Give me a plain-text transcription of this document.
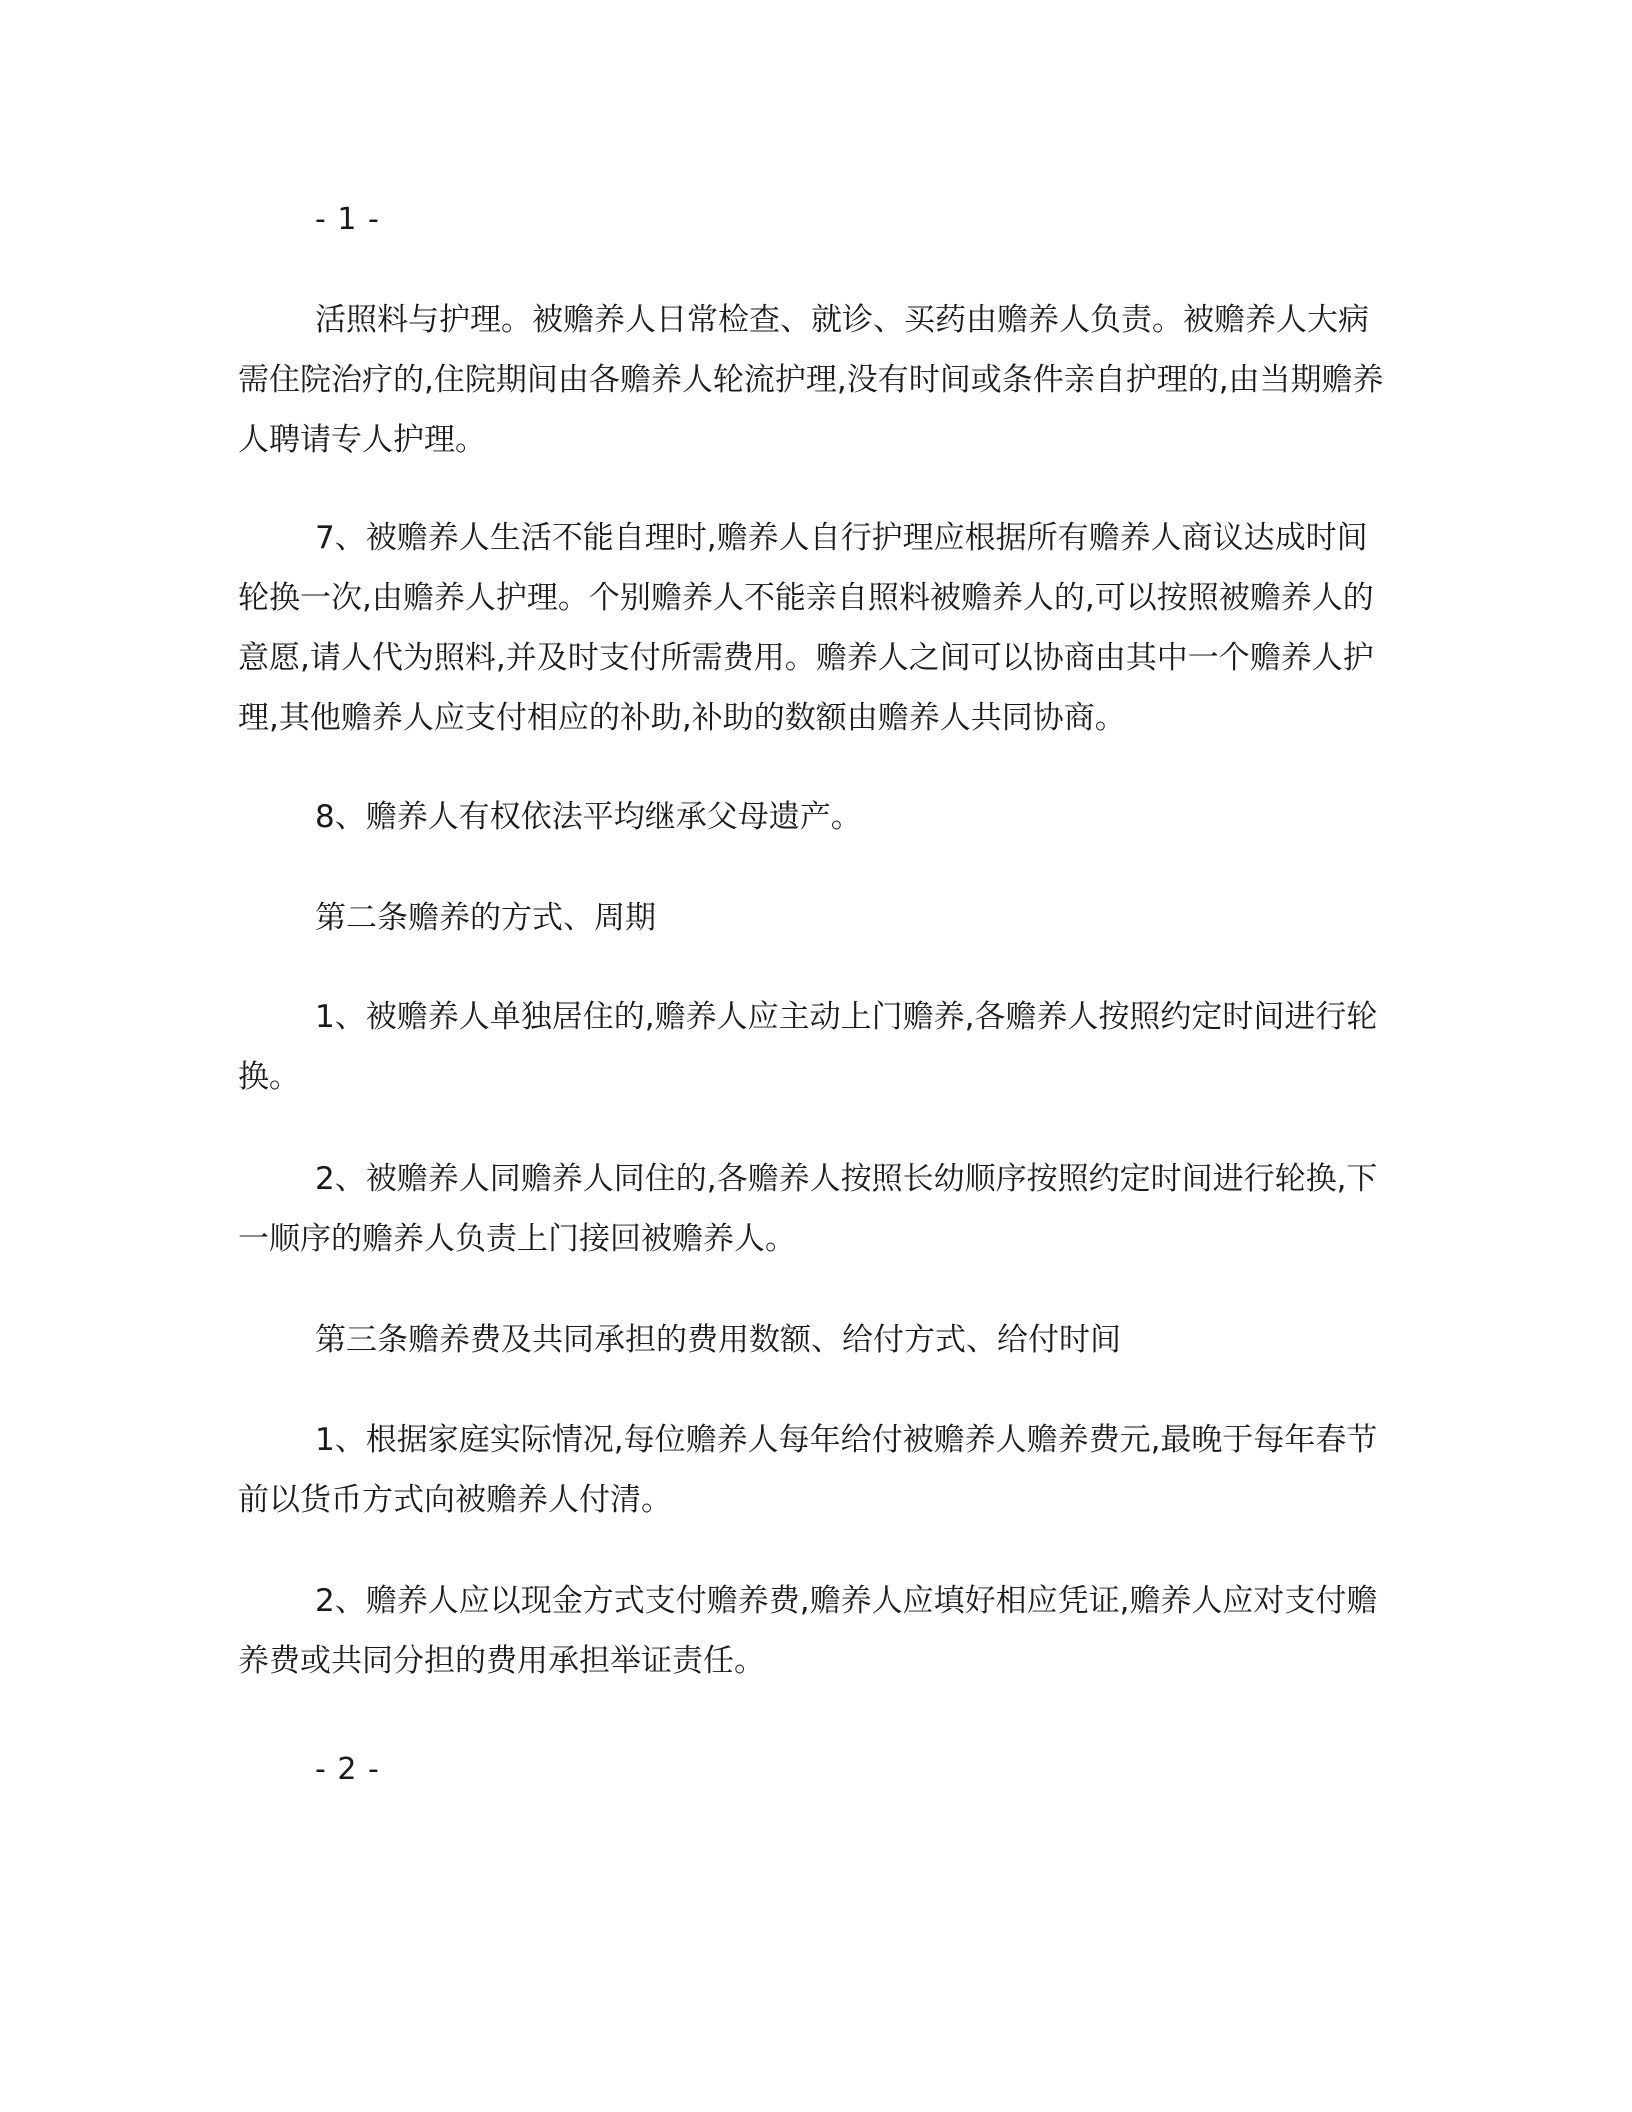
- 1 -

活照料与护理。被赡养人日常检查、就诊、买药由赡养人负责。被赡养人大病需住院治疗的,住院期间由各赡养人轮流护理,没有时间或条件亲自护理的,由当期赡养人聘请专人护理。

7、被赡养人生活不能自理时,赡养人自行护理应根据所有赡养人商议达成时间轮换一次,由赡养人护理。个别赡养人不能亲自照料被赡养人的,可以按照被赡养人的意愿,请人代为照料,并及时支付所需费用。赡养人之间可以协商由其中一个赡养人护理,其他赡养人应支付相应的补助,补助的数额由赡养人共同协商。

8、赡养人有权依法平均继承父母遗产。

第二条赡养的方式、周期

1、被赡养人单独居住的,赡养人应主动上门赡养,各赡养人按照约定时间进行轮换。

2、被赡养人同赡养人同住的,各赡养人按照长幼顺序按照约定时间进行轮换,下一顺序的赡养人负责上门接回被赡养人。

第三条赡养费及共同承担的费用数额、给付方式、给付时间

1、根据家庭实际情况,每位赡养人每年给付被赡养人赡养费元,最晚于每年春节前以货币方式向被赡养人付清。

2、赡养人应以现金方式支付赡养费,赡养人应填好相应凭证,赡养人应对支付赡养费或共同分担的费用承担举证责任。

- 2 -
